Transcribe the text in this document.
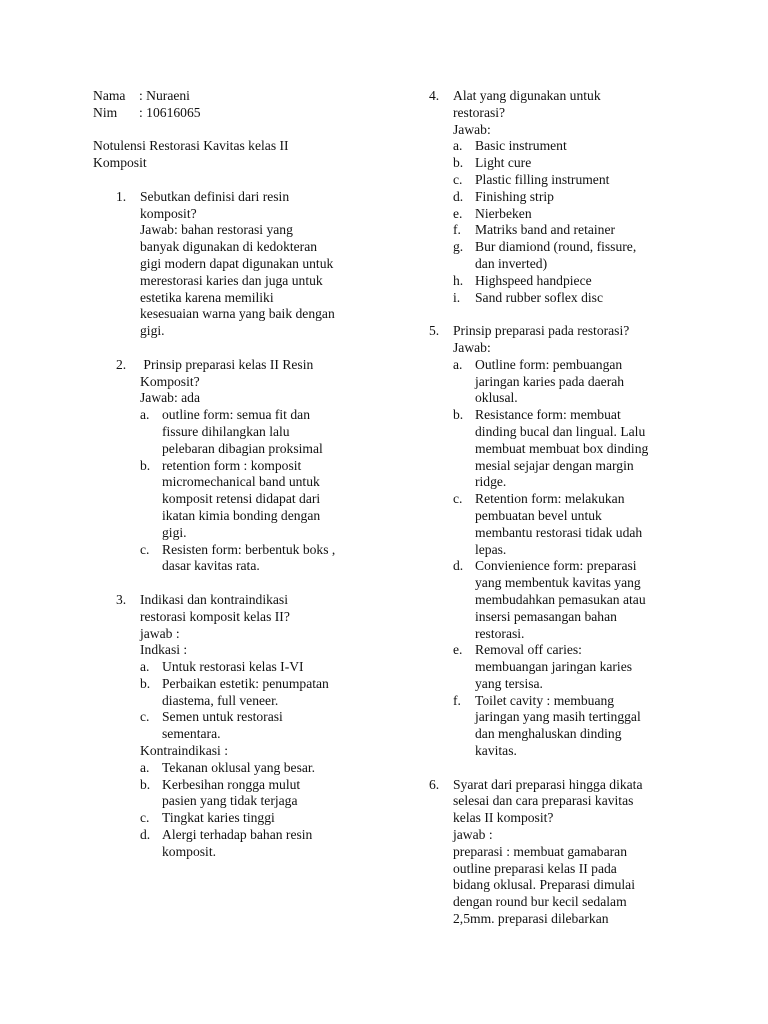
Nama : Nuraeni
Nim	: 10616065
Notulensi Restorasi Kavitas kelas II
Komposit
1.	Sebutkan definisi dari resin
komposit?
Jawab: bahan restorasi yang
banyak digunakan di kedokteran
gigi modern dapat digunakan untuk
merestorasi karies dan juga untuk
estetika karena memiliki
kesesuaian warna yang baik dengan
gigi.
2.	Prinsip preparasi kelas II Resin
Komposit?
Jawab: ada
a. outline form: semua fit dan
fissure dihilangkan lalu
pelebaran dibagian proksimal
b. retention form : komposit
micromechanical band untuk
komposit retensi didapat dari
ikatan kimia bonding dengan
gigi.
c. Resisten form: berbentuk boks ,
dasar kavitas rata.
3.	Indikasi dan kontraindikasi
restorasi komposit kelas II?
jawab :
Indkasi :
a. Untuk restorasi kelas I-VI
b. Perbaikan estetik: penumpatan
diastema, full veneer.
c. Semen untuk restorasi
sementara.
Kontraindikasi :
a. Tekanan oklusal yang besar.
b. Kerbesihan rongga mulut
pasien yang tidak terjaga
c. Tingkat karies tinggi
d. Alergi terhadap bahan resin
komposit.
4.	Alat yang digunakan untuk
restorasi?
Jawab:
a. Basic instrument
b. Light cure
c. Plastic filling instrument
d. Finishing strip
e. Nierbeken
f.	Matriks band and retainer
g. Bur diamiond (round, fissure,
dan inverted)
h. Highspeed handpiece
i.	Sand rubber soflex disc
5.	Prinsip preparasi pada restorasi?
Jawab:
a. Outline form: pembuangan
jaringan karies pada daerah
oklusal.
b. Resistance form: membuat
dinding bucal dan lingual. Lalu
membuat membuat box dinding
mesial sejajar dengan margin
ridge.
c. Retention form: melakukan
pembuatan bevel untuk
membantu restorasi tidak udah
lepas.
d. Convienience form: preparasi
yang membentuk kavitas yang
membudahkan pemasukan atau
insersi pemasangan bahan
restorasi.
e. Removal off caries:
membuangan jaringan karies
yang tersisa.
f.	Toilet cavity : membuang
jaringan yang masih tertinggal
dan menghaluskan dinding
kavitas.
6.	Syarat dari preparasi hingga dikata
selesai dan cara preparasi kavitas
kelas II komposit?
jawab :
preparasi : membuat gamabaran
outline preparasi kelas II pada
bidang oklusal. Preparasi dimulai
dengan round bur kecil sedalam
2,5mm. preparasi dilebarkan
